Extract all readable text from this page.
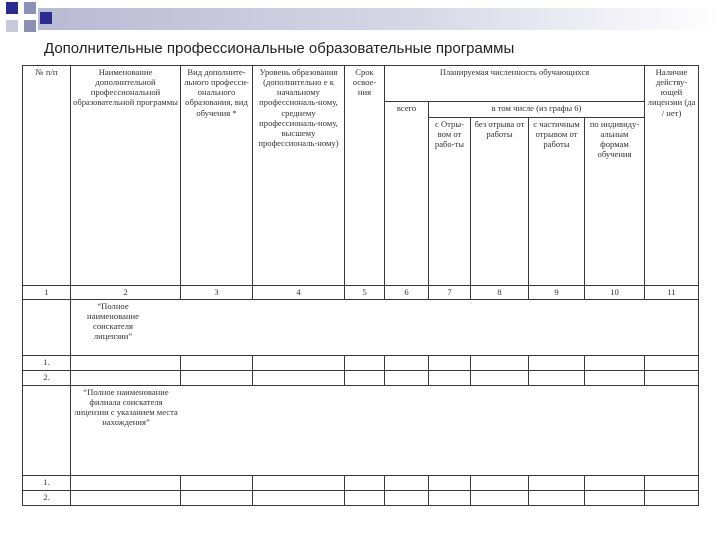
Дополнительные профессиональные образовательные программы
№ п/п	Наименование дополнительной профессиональной образовательной программы	Вид дополните-льного професси-онального образования, вид обучения *	Уровень образования (дополнительно е к начальному профессиональ-ному, среднему профессиональ-ному, высшему профессиональ-ному)	Срок освое-ния	Планируемая численность обучающихся					Наличие действу-ющей лицензии (да / нет)
					всего	в том числе (из графы 6)				
						с Отры-вом от рабо-ты	без отрыва от работы	с частичным отрывом от работы	по индивиду-альным формам обучения	
1	2	3	4	5	6	7	8	9	10	11

	“Полное наименование соискателя лицензии”									

1.										
2.										

	“Полное наименование филиала соискателя лицензии с указанием места нахождения”									

1.										
2.										
